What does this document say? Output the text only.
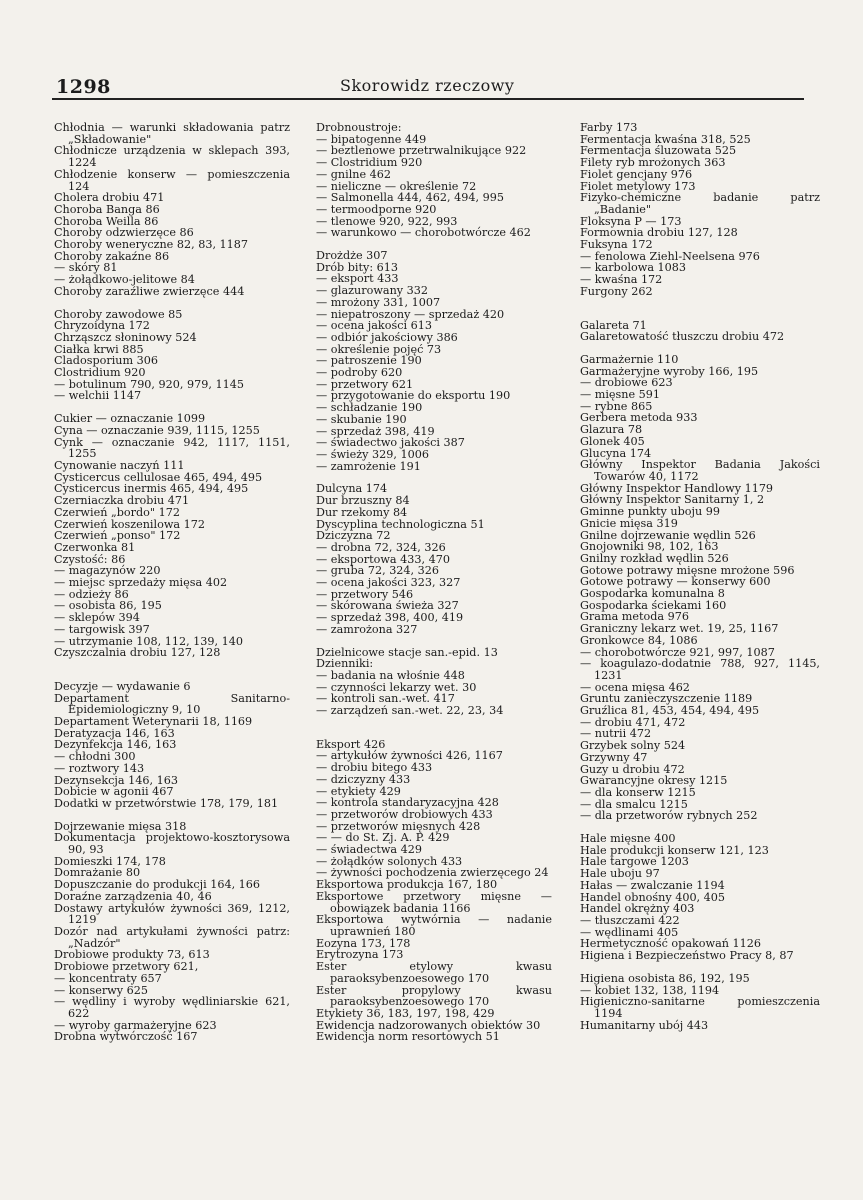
1298	Skorowidz rzeczowy

Chłodnia — warunki składowania patrz „Składowanie"

Chłodnicze urządzenia w sklepach 393, 1224

Chłodzenie konserw — pomieszczenia 124

Cholera drobiu 471

Choroba Banga 86

Choroba Weilla 86

Choroby odzwierzęce 86

Choroby weneryczne 82, 83, 1187

Choroby zakaźne 86

— skóry 81

— żołądkowo-jelitowe 84

Choroby zaraźliwe zwierzęce 444

Choroby zawodowe 85

Chryzoidyna 172

Chrząszcz słoninowy 524

Ciałka krwi 885

Cladosporium 306

Clostridium 920

— botulinum 790, 920, 979, 1145

— welchii 1147

Cukier — oznaczanie 1099

Cyna — oznaczanie 939, 1115, 1255

Cynk — oznaczanie 942, 1117, 1151, 1255

Cynowanie naczyń 111

Cysticercus cellulosae 465, 494, 495

Cysticercus inermis 465, 494, 495

Czerniaczka drobiu 471

Czerwień „bordo" 172

Czerwień koszenilowa 172

Czerwień „ponso" 172

Czerwonka 81

Czystość: 86

— magazynów 220

— miejsc sprzedaży mięsa 402

— odzieży 86

— osobista 86, 195

— sklepów 394

— targowisk 397

— utrzymanie 108, 112, 139, 140

Czyszczalnia drobiu 127, 128

Decyzje — wydawanie 6

Departament Sanitarno-Epidemiologiczny 9, 10

Departament Weterynarii 18, 1169

Deratyzacja 146, 163

Dezynfekcja 146, 163

— chłodni 300

— roztwory 143

Dezynsekcja 146, 163

Dobicie w agonii 467

Dodatki w przetwórstwie 178, 179, 181

Dojrzewanie mięsa 318

Dokumentacja projektowo-kosztorysowa 90, 93

Domieszki 174, 178

Domrażanie 80

Dopuszczanie do produkcji 164, 166

Doraźne zarządzenia 40, 46

Dostawy artykułów żywności 369, 1212, 1219

Dozór nad artykułami żywności patrz: „Nadzór"

Drobiowe produkty 73, 613

Drobiowe przetwory 621,

— koncentraty 657

— konserwy 625

— wędliny i wyroby wędliniarskie 621, 622

— wyroby garmażeryjne 623

Drobna wytwórczość 167

Drobnoustroje:

— bipatogenne 449

— beztlenowe przetrwalnikujące 922

— Clostridium 920

— gnilne 462

— nieliczne — określenie 72

— Salmonella 444, 462, 494, 995

— termoodporne 920

— tlenowe 920, 922, 993

— warunkowo — chorobotwórcze 462

Drożdże 307

Drób bity: 613

— eksport 433

— glazurowany 332

— mrożony 331, 1007

— niepatroszony — sprzedaż 420

— ocena jakości 613

— odbiór jakościowy 386

— określenie pojęć 73

— patroszenie 190

— podroby 620

— przetwory 621

— przygotowanie do eksportu 190

— schładzanie 190

— skubanie 190

— sprzedaż 398, 419

— świadectwo jakości 387

— świeży 329, 1006

— zamrożenie 191

Dulcyna 174

Dur brzuszny 84

Dur rzekomy 84

Dyscyplina technologiczna 51

Dziczyzna 72

— drobna 72, 324, 326

— eksportowa 433, 470

— gruba 72, 324, 326

— ocena jakości 323, 327

— przetwory 546

— skórowana świeża 327

— sprzedaż 398, 400, 419

— zamrożona 327

Dzielnicowe stacje san.-epid. 13

Dzienniki:

— badania na włośnie 448

— czynności lekarzy wet. 30

— kontroli san.-wet. 417

— zarządzeń san.-wet. 22, 23, 34

Eksport 426

— artykułów żywności 426, 1167

— drobiu bitego 433

— dziczyzny 433

— etykiety 429

— kontrola standaryzacyjna 428

— przetworów drobiowych 433

— przetworów mięsnych 428

— — do St. Zj. A. P. 429

— świadectwa 429

— żołądków solonych 433

— żywności pochodzenia zwierzęcego 24

Eksportowa produkcja 167, 180

Eksportowe przetwory mięsne — obowiązek badania 1166

Eksportowa wytwórnia — nadanie uprawnień 180

Eozyna 173, 178

Erytrozyna 173

Ester etylowy kwasu paraoksybenzoesowego 170

Ester propylowy kwasu paraoksybenzoesowego 170

Etykiety 36, 183, 197, 198, 429

Ewidencja nadzorowanych obiektów 30

Ewidencja norm resortowych 51

Farby 173

Fermentacja kwaśna 318, 525

Fermentacja śluzowata 525

Filety ryb mrożonych 363

Fiolet gencjany 976

Fiolet metylowy 173

Fizyko-chemiczne badanie patrz „Badanie"

Floksyna P — 173

Formownia drobiu 127, 128

Fuksyna 172

— fenolowa Ziehl-Neelsena 976

— karbolowa 1083

— kwaśna 172

Furgony 262

Galareta 71

Galaretowatość tłuszczu drobiu 472

Garmażernie 110

Garmażeryjne wyroby 166, 195

— drobiowe 623

— mięsne 591

— rybne 865

Gerbera metoda 933

Glazura 78

Glonek 405

Glucyna 174

Główny Inspektor Badania Jakości Towarów 40, 1172

Główny Inspektor Handlowy 1179

Główny Inspektor Sanitarny 1, 2

Gminne punkty uboju 99

Gnicie mięsa 319

Gnilne dojrzewanie wędlin 526

Gnojowniki 98, 102, 163

Gnilny rozkład wędlin 526

Gotowe potrawy mięsne mrożone 596

Gotowe potrawy — konserwy 600

Gospodarka komunalna 8

Gospodarka ściekami 160

Grama metoda 976

Graniczny lekarz wet. 19, 25, 1167

Gronkowce 84, 1086

— chorobotwórcze 921, 997, 1087

— koagulazo-dodatnie 788, 927, 1145, 1231

— ocena mięsa 462

Gruntu zanieczyszczenie 1189

Gruźlica 81, 453, 454, 494, 495

— drobiu 471, 472

— nutrii 472

Grzybek solny 524

Grzywny 47

Guzy u drobiu 472

Gwarancyjne okresy 1215

— dla konserw 1215

— dla smalcu 1215

— dla przetworów rybnych 252

Hale mięsne 400

Hale produkcji konserw 121, 123

Hale targowe 1203

Hale uboju 97

Hałas — zwalczanie 1194

Handel obnośny 400, 405

Handel okrężny 403

— tłuszczami 422

— wędlinami 405

Hermetyczność opakowań 1126

Higiena i Bezpieczeństwo Pracy 8, 87

Higiena osobista 86, 192, 195

— kobiet 132, 138, 1194

Higieniczno-sanitarne pomieszczenia 1194

Humanitarny ubój 443
